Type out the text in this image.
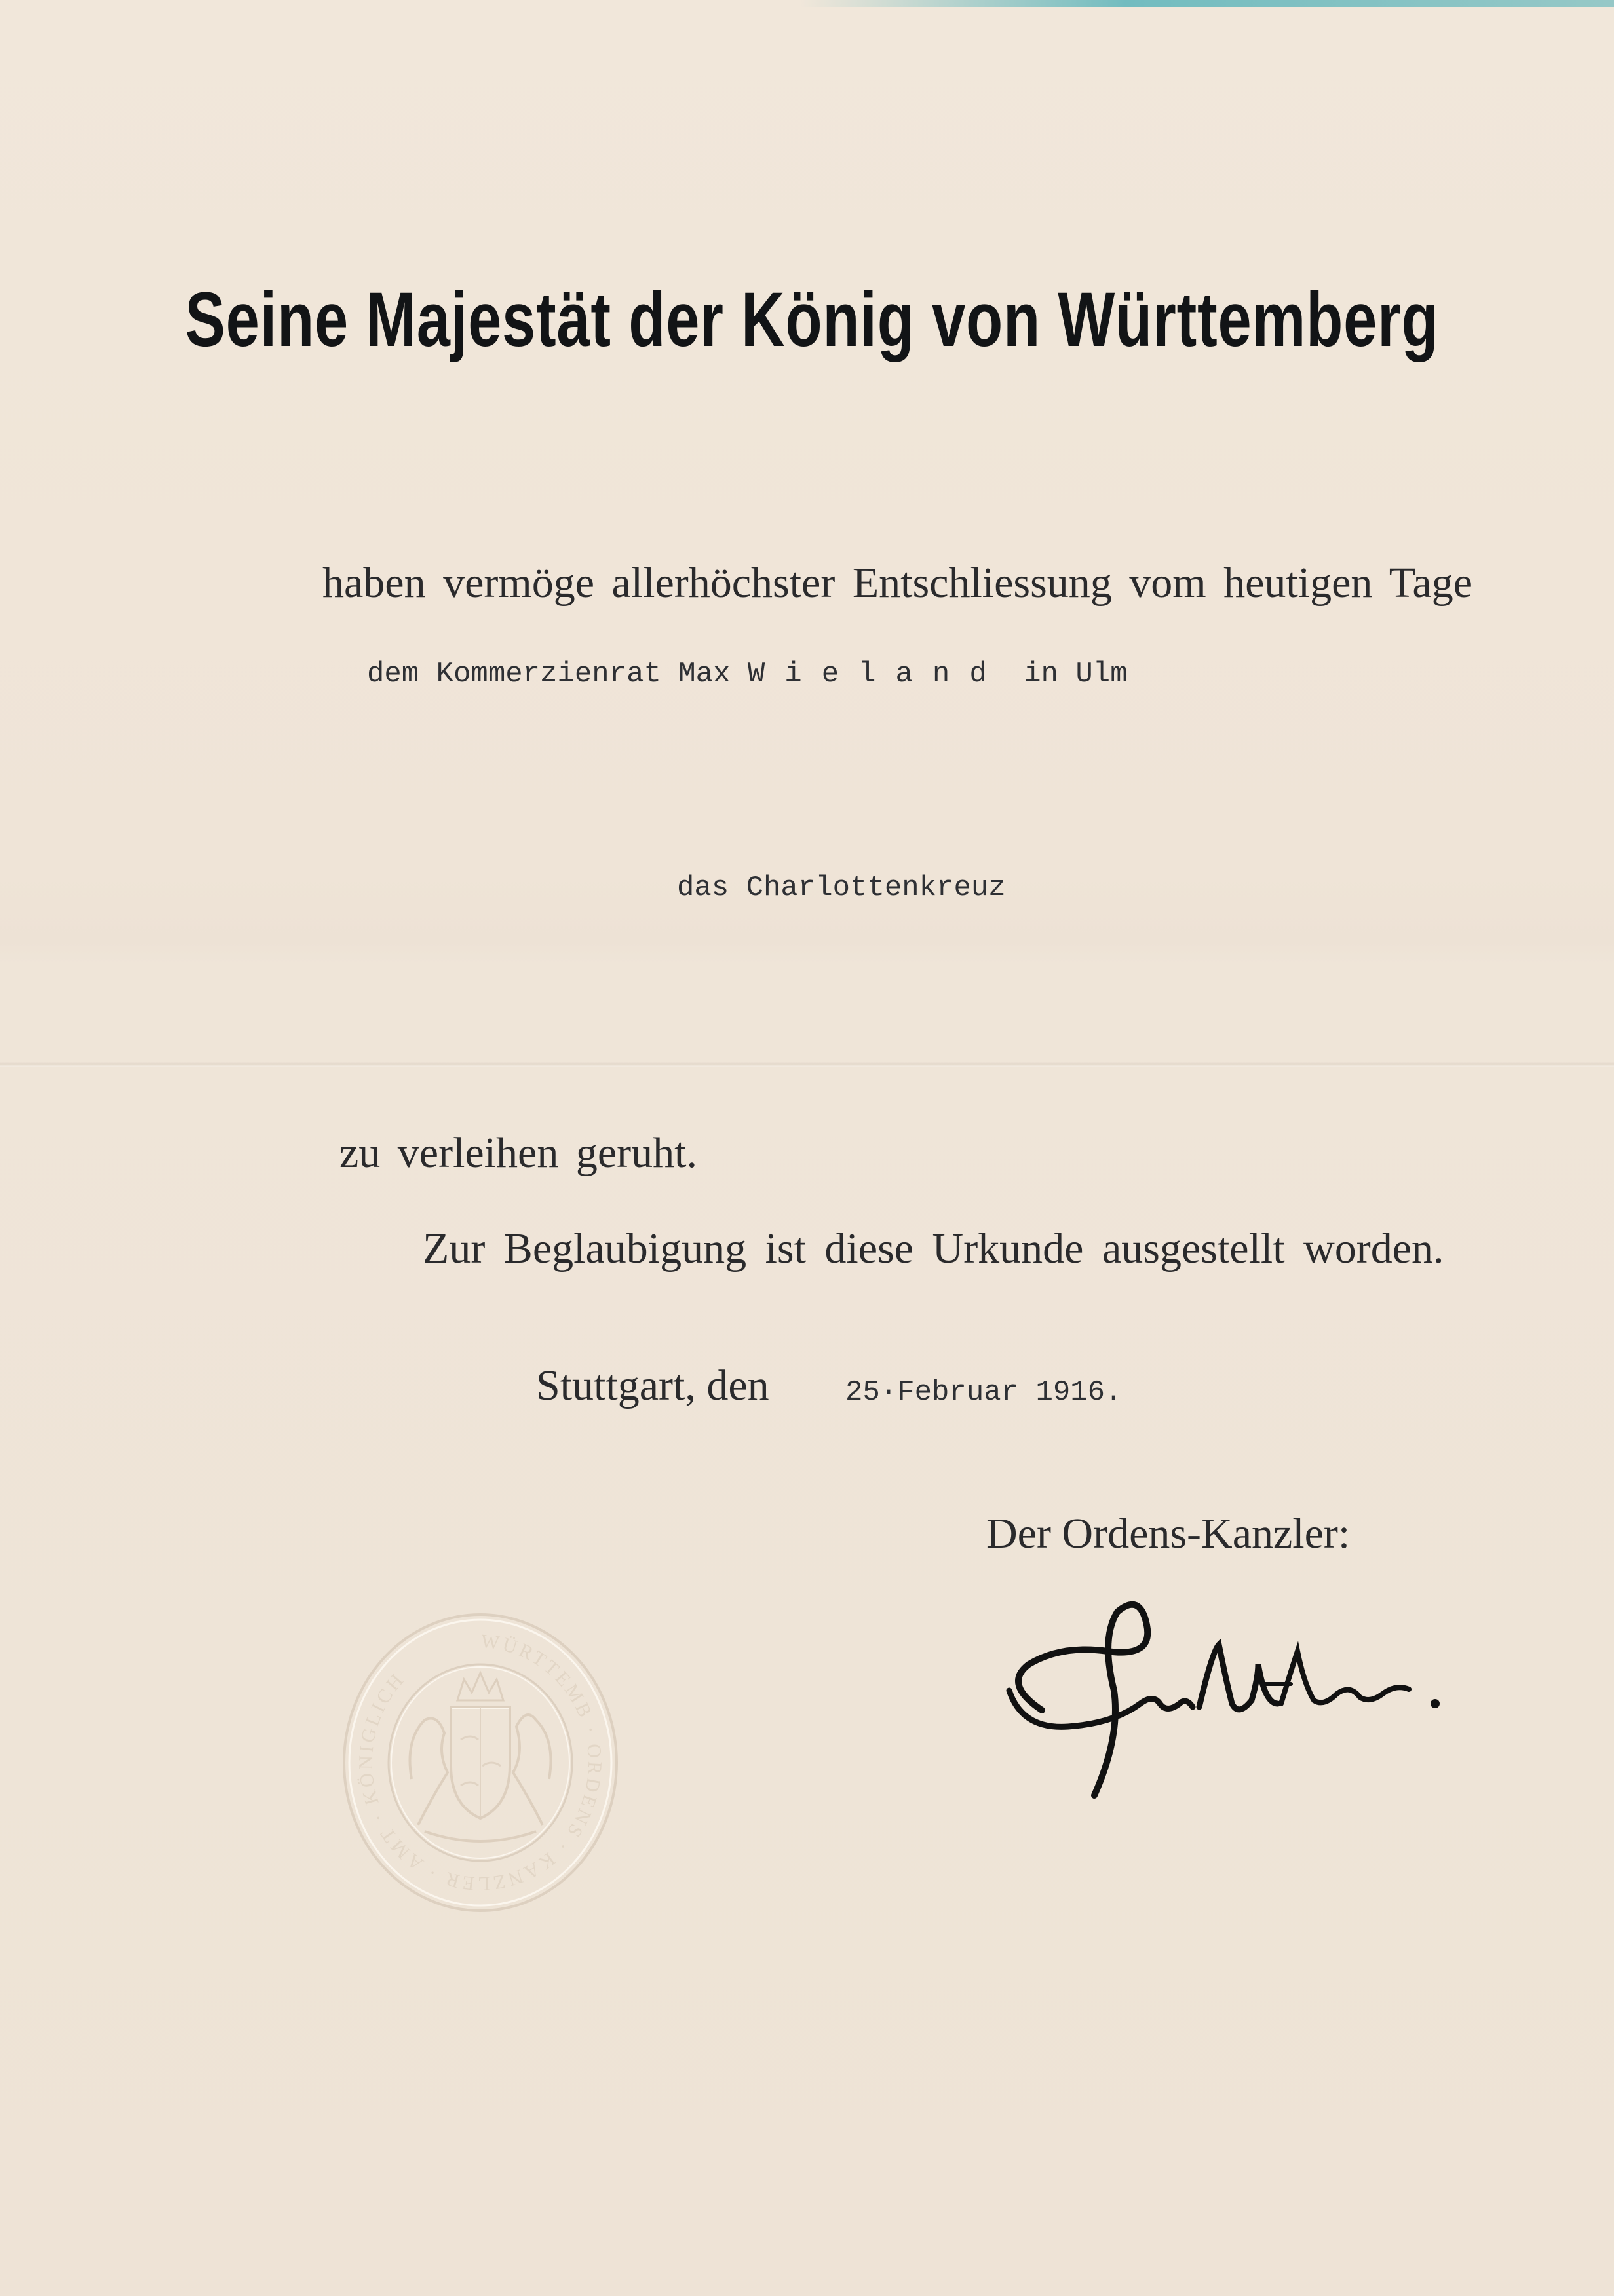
Seine Majestät der König von Württemberg
haben vermöge allerhöchster Entschliessung vom heutigen Tage
dem Kommerzienrat Max Wieland in Ulm
das Charlottenkreuz
zu verleihen geruht.
Zur Beglaubigung ist diese Urkunde ausgestellt worden.
Stuttgart, den	25·Februar 1916.
Der Ordens-Kanzler:
WÜRTTEMB · ORDENS · KANZLER · AMT · KÖNIGLICH
